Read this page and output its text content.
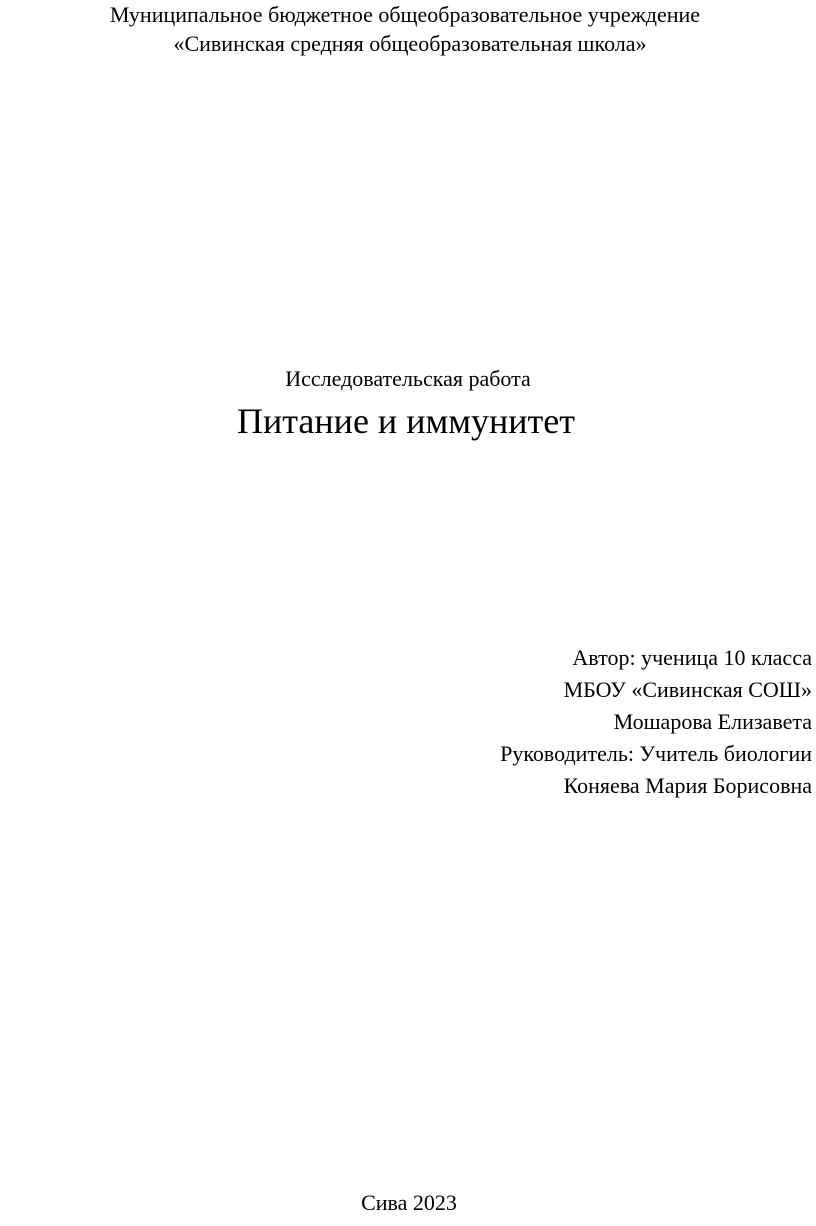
Муниципальное бюджетное общеобразовательное учреждение
«Сивинская средняя общеобразовательная школа»
Исследовательская работа
Питание и иммунитет
Автор: ученица 10 класса
МБОУ «Сивинская СОШ»
Мошарова Елизавета
Руководитель: Учитель биологии
Коняева Мария Борисовна
Сива 2023
